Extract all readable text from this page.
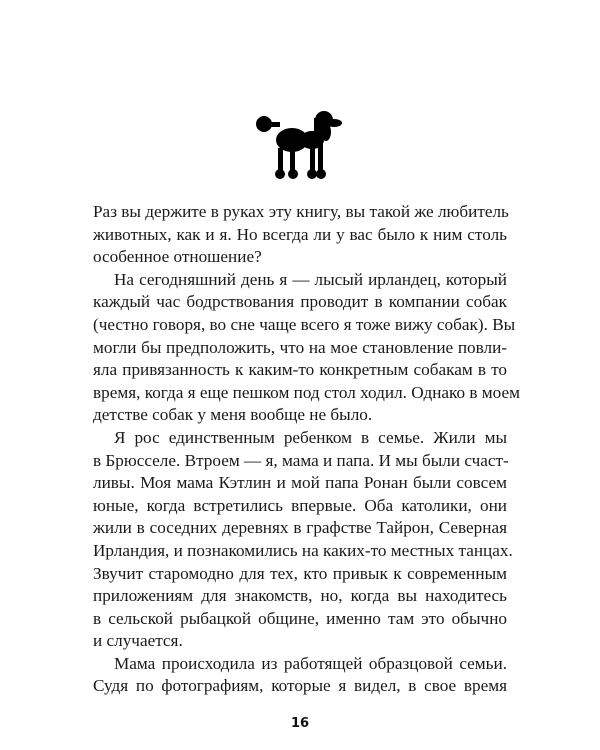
Раз вы держите в руках эту книгу, вы такой же любитель
животных, как и я. Но всегда ли у вас было к ним столь
особенное отношение?
На сегодняшний день я — лысый ирландец, который
каждый час бодрствования проводит в компании собак
(честно говоря, во сне чаще всего я тоже вижу собак). Вы
могли бы предположить, что на мое становление повли-
яла привязанность к каким-то конкретным собакам в то
время, когда я еще пешком под стол ходил. Однако в моем
детстве собак у меня вообще не было.
Я рос единственным ребенком в семье. Жили мы
в Брюсселе. Втроем — я, мама и папа. И мы были счаст-
ливы. Моя мама Кэтлин и мой папа Ронан были совсем
юные, когда встретились впервые. Оба католики, они
жили в соседних деревнях в графстве Тайрон, Северная
Ирландия, и познакомились на каких-то местных танцах.
Звучит старомодно для тех, кто привык к современным
приложениям для знакомств, но, когда вы находитесь
в сельской рыбацкой общине, именно там это обычно
и случается.
Мама происходила из работящей образцовой семьи.
Судя по фотографиям, которые я видел, в свое время
16
